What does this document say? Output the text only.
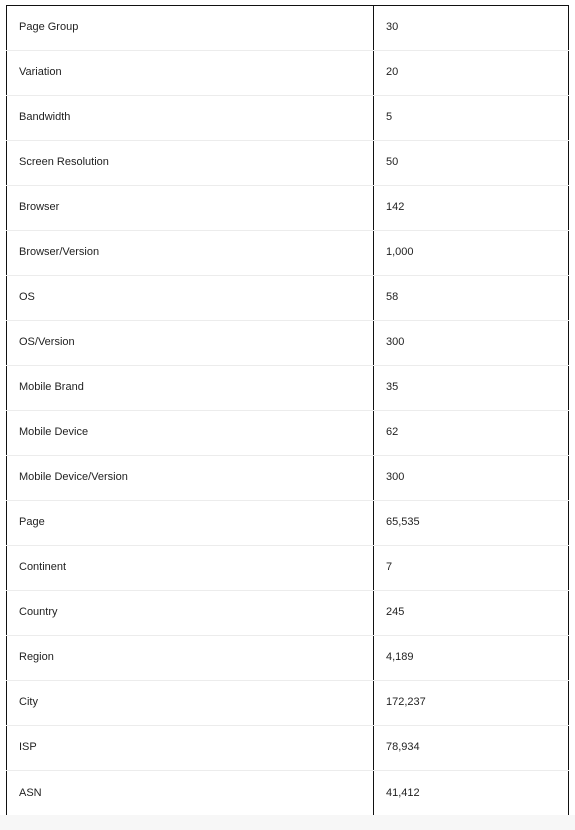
Page Group	30
Variation	20
Bandwidth	5
Screen Resolution	50
Browser	142
Browser/Version	1,000
OS	58
OS/Version	300
Mobile Brand	35
Mobile Device	62
Mobile Device/Version	300
Page	65,535
Continent	7
Country	245
Region	4,189
City	172,237
ISP	78,934
ASN	41,412
